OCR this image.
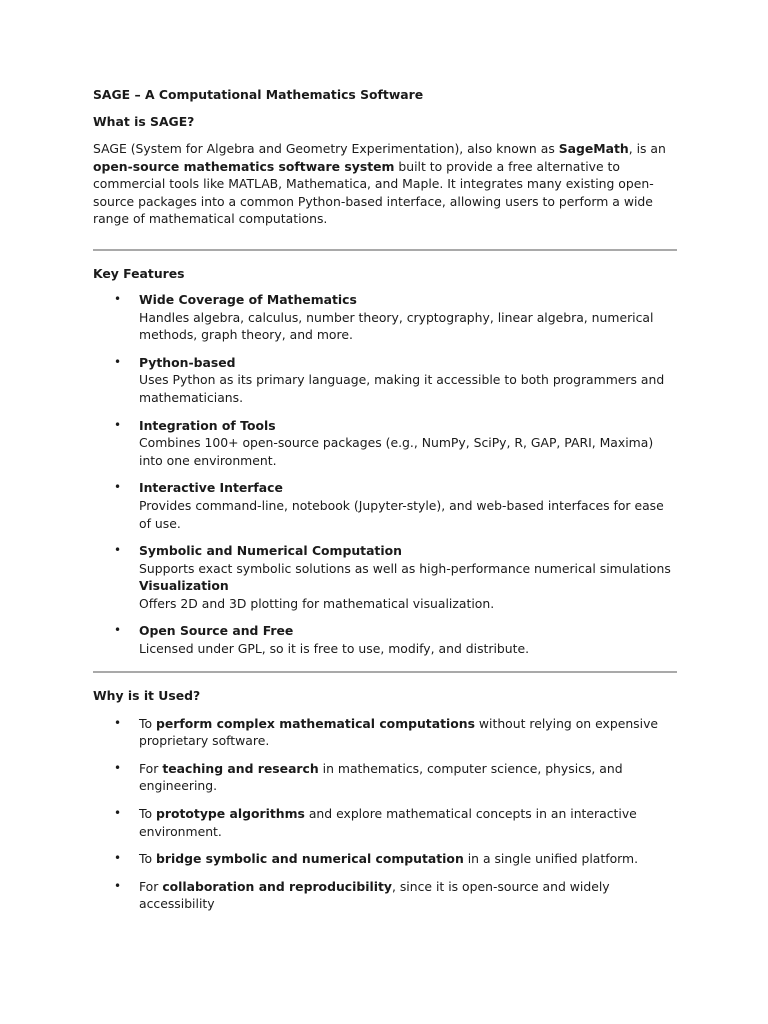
SAGE – A Computational Mathematics Software
What is SAGE?

SAGE (System for Algebra and Geometry Experimentation), also known as SageMath, is an open-source mathematics software system built to provide a free alternative to commercial tools like MATLAB, Mathematica, and Maple. It integrates many existing open-source packages into a common Python-based interface, allowing users to perform a wide range of mathematical computations.

Key Features
• Wide Coverage of Mathematics
Handles algebra, calculus, number theory, cryptography, linear algebra, numerical methods, graph theory, and more.
• Python-based
Uses Python as its primary language, making it accessible to both programmers and mathematicians.
• Integration of Tools
Combines 100+ open-source packages (e.g., NumPy, SciPy, R, GAP, PARI, Maxima) into one environment.
• Interactive Interface
Provides command-line, notebook (Jupyter-style), and web-based interfaces for ease of use.
• Symbolic and Numerical Computation
Supports exact symbolic solutions as well as high-performance numerical simulations
Visualization
Offers 2D and 3D plotting for mathematical visualization.
• Open Source and Free
Licensed under GPL, so it is free to use, modify, and distribute.
Why is it Used?
• To perform complex mathematical computations without relying on expensive proprietary software.
• For teaching and research in mathematics, computer science, physics, and engineering.
• To prototype algorithms and explore mathematical concepts in an interactive environment.
• To bridge symbolic and numerical computation in a single unified platform.
• For collaboration and reproducibility, since it is open-source and widely accessibility
